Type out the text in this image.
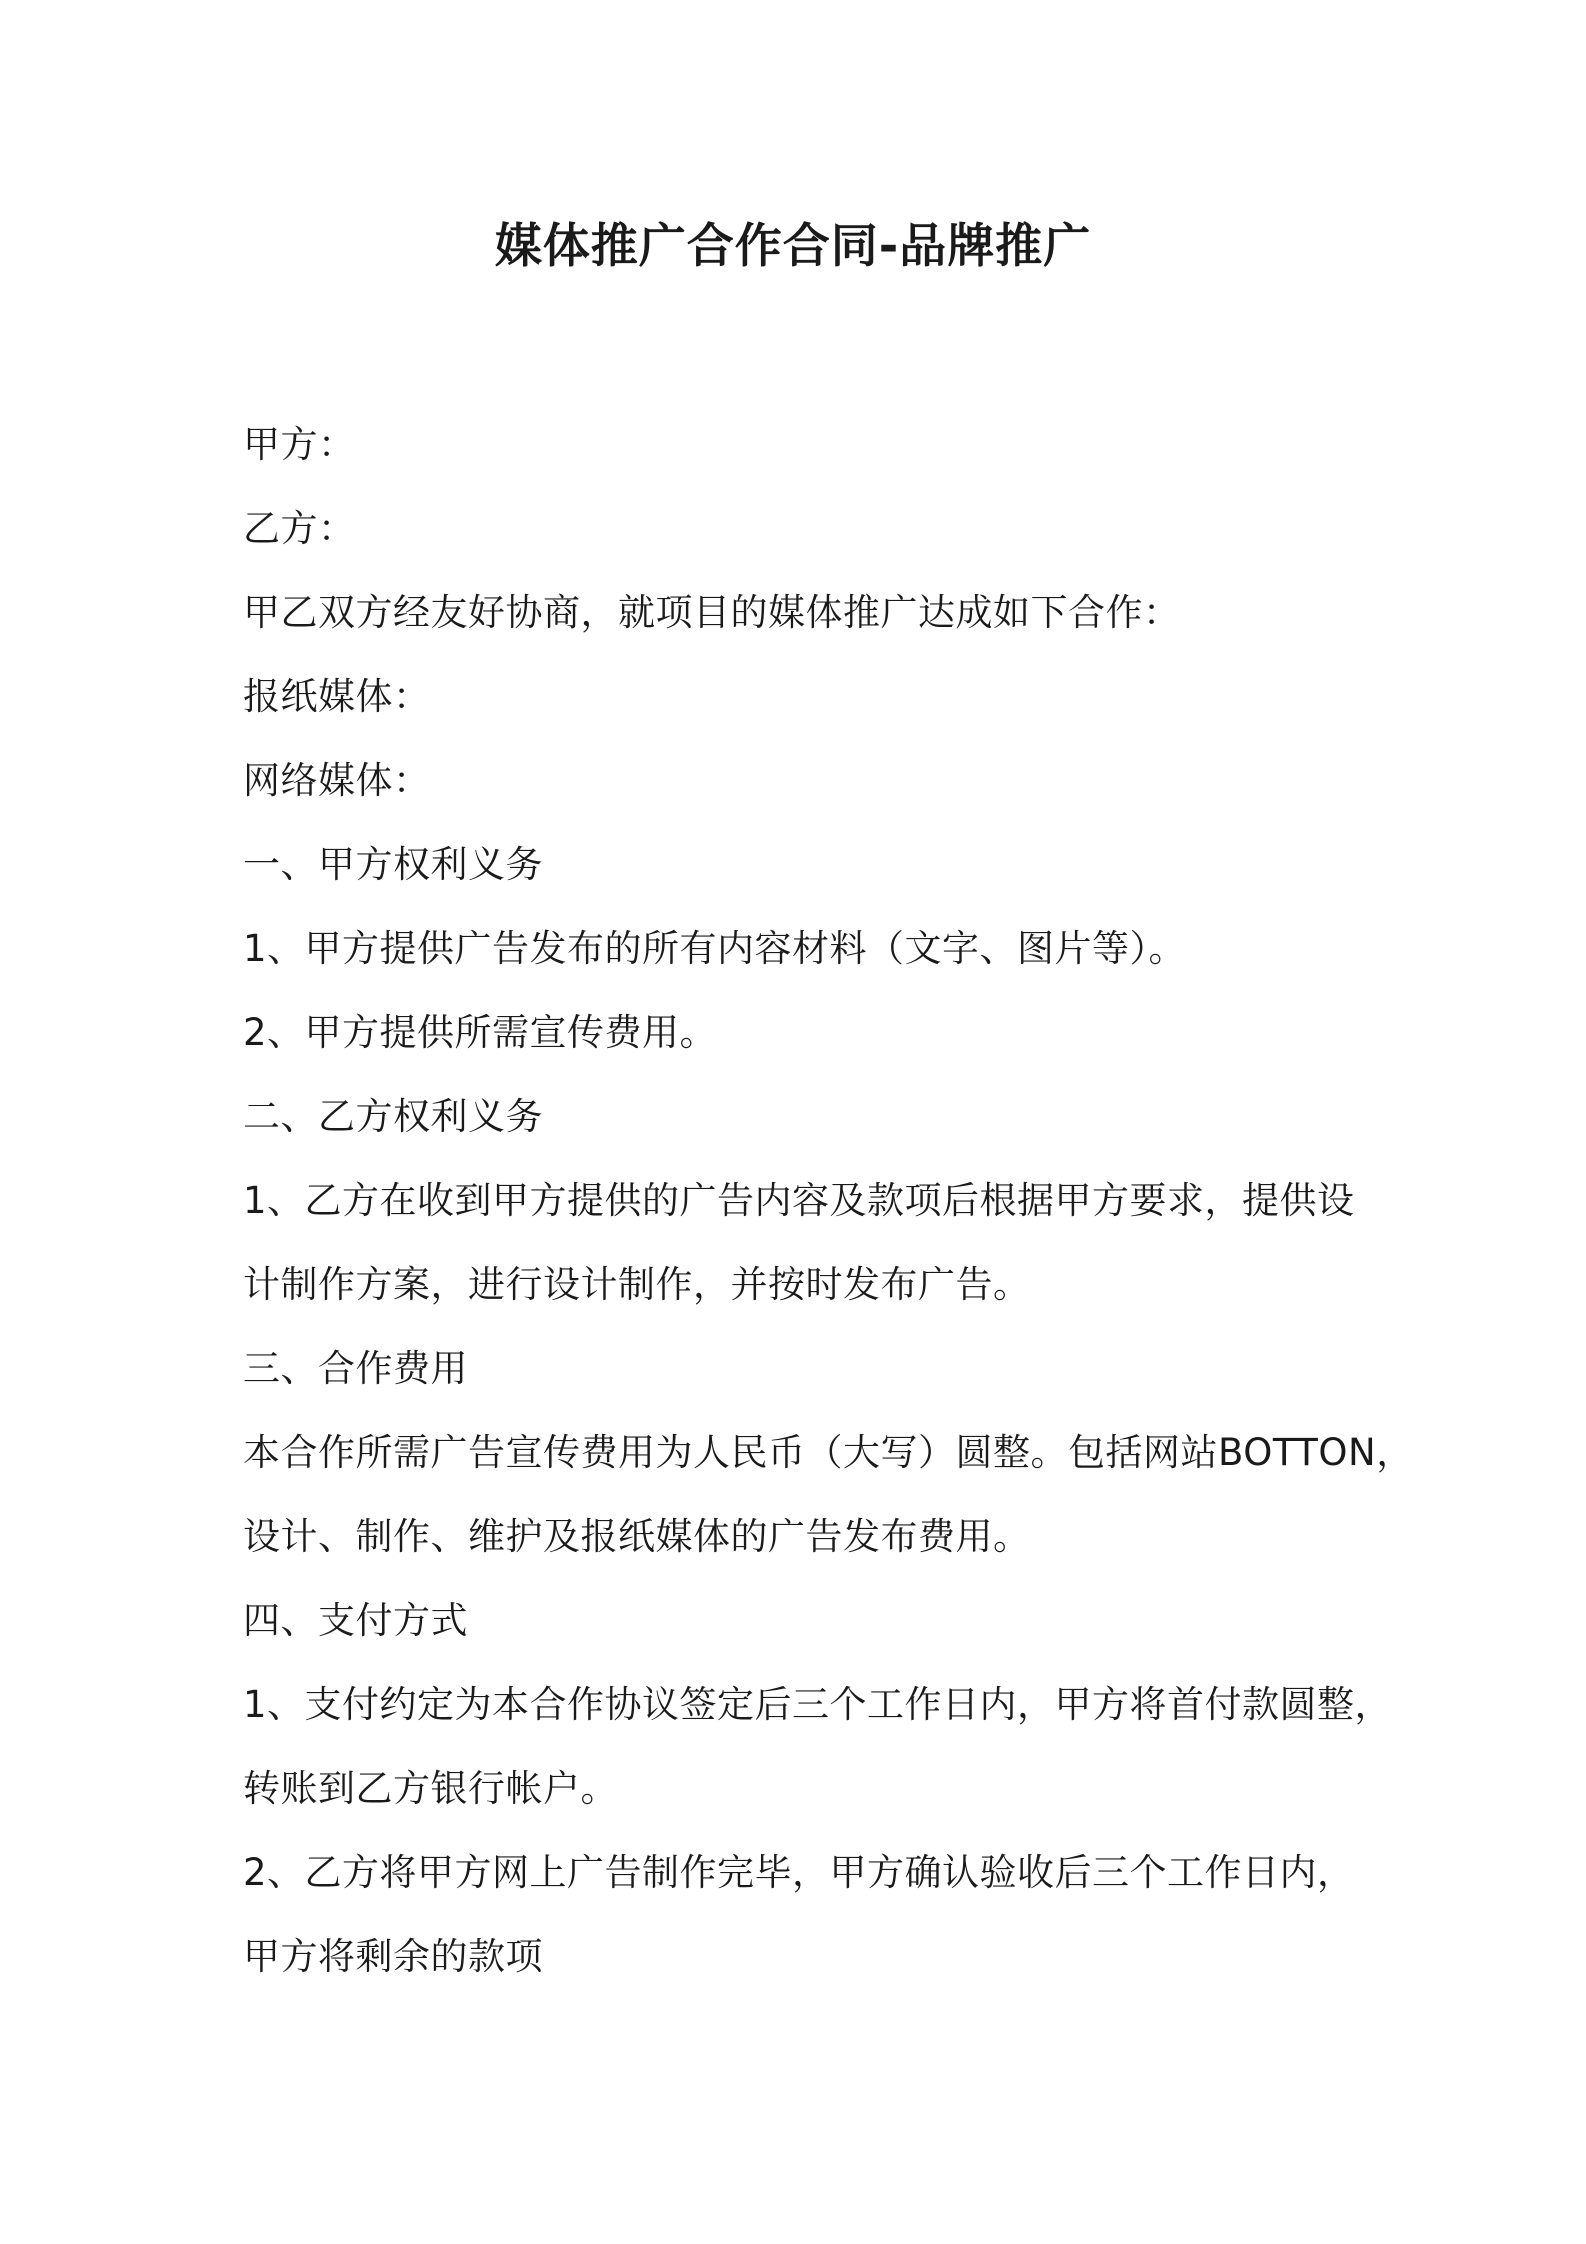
媒体推广合作合同-品牌推广
甲方：
乙方：
甲乙双方经友好协商，就项目的媒体推广达成如下合作：
报纸媒体：
网络媒体：
一、甲方权利义务
1、甲方提供广告发布的所有内容材料（文字、图片等）。
2、甲方提供所需宣传费用。
二、乙方权利义务
1、乙方在收到甲方提供的广告内容及款项后根据甲方要求，提供设
计制作方案，进行设计制作，并按时发布广告。
三、合作费用
本合作所需广告宣传费用为人民币（大写）圆整。包括网站BOTTON，
设计、制作、维护及报纸媒体的广告发布费用。
四、支付方式
1、支付约定为本合作协议签定后三个工作日内，甲方将首付款圆整，
转账到乙方银行帐户。
2、乙方将甲方网上广告制作完毕，甲方确认验收后三个工作日内，
甲方将剩余的款项
